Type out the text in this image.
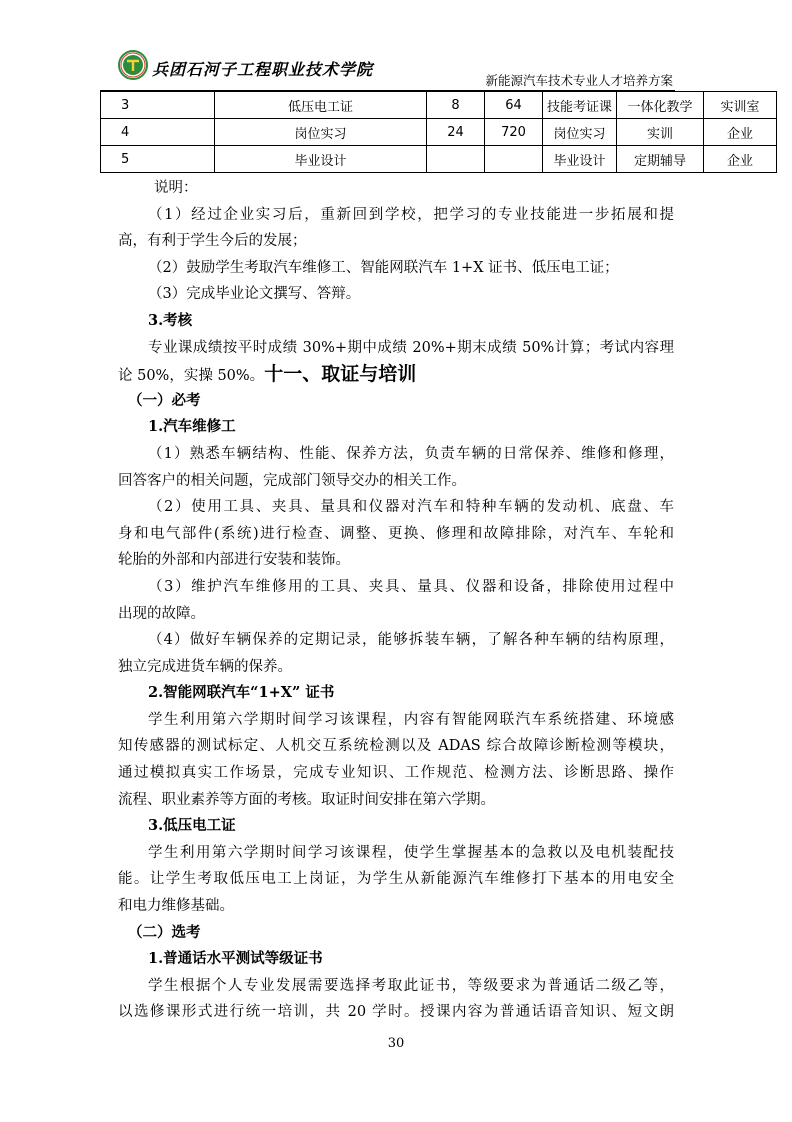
兵团石河子工程职业技术学院
新能源汽车技术专业人才培养方案
3	低压电工证	8	64	技能考证课	一体化教学	实训室
4	岗位实习	24	720	岗位实习	实训	企业
5	毕业设计			毕业设计	定期辅导	企业
说明：
（1）经过企业实习后，重新回到学校，把学习的专业技能进一步拓展和提
高，有利于学生今后的发展；
（2）鼓励学生考取汽车维修工、智能网联汽车 1+X 证书、低压电工证；
（3）完成毕业论文撰写、答辩。
3.考核
专业课成绩按平时成绩 30%+期中成绩 20%+期末成绩 50%计算；考试内容理
论 50%，实操 50%。十一、取证与培训
（一）必考
1.汽车维修工
（1）熟悉车辆结构、性能、保养方法，负责车辆的日常保养、维修和修理，
回答客户的相关问题，完成部门领导交办的相关工作。
（2）使用工具、夹具、量具和仪器对汽车和特种车辆的发动机、底盘、车
身和电气部件(系统)进行检查、调整、更换、修理和故障排除，对汽车、车轮和
轮胎的外部和内部进行安装和装饰。
（3）维护汽车维修用的工具、夹具、量具、仪器和设备，排除使用过程中
出现的故障。
（4）做好车辆保养的定期记录，能够拆装车辆，了解各种车辆的结构原理，
独立完成进货车辆的保养。
2.智能网联汽车“1+X” 证书
学生利用第六学期时间学习该课程，内容有智能网联汽车系统搭建、环境感
知传感器的测试标定、人机交互系统检测以及 ADAS 综合故障诊断检测等模块，
通过模拟真实工作场景，完成专业知识、工作规范、检测方法、诊断思路、操作
流程、职业素养等方面的考核。取证时间安排在第六学期。
3.低压电工证
学生利用第六学期时间学习该课程，使学生掌握基本的急救以及电机装配技
能。让学生考取低压电工上岗证，为学生从新能源汽车维修打下基本的用电安全
和电力维修基础。
（二）选考
1.普通话水平测试等级证书
学生根据个人专业发展需要选择考取此证书，等级要求为普通话二级乙等，
以选修课形式进行统一培训，共 20 学时。授课内容为普通话语音知识、短文朗
30
